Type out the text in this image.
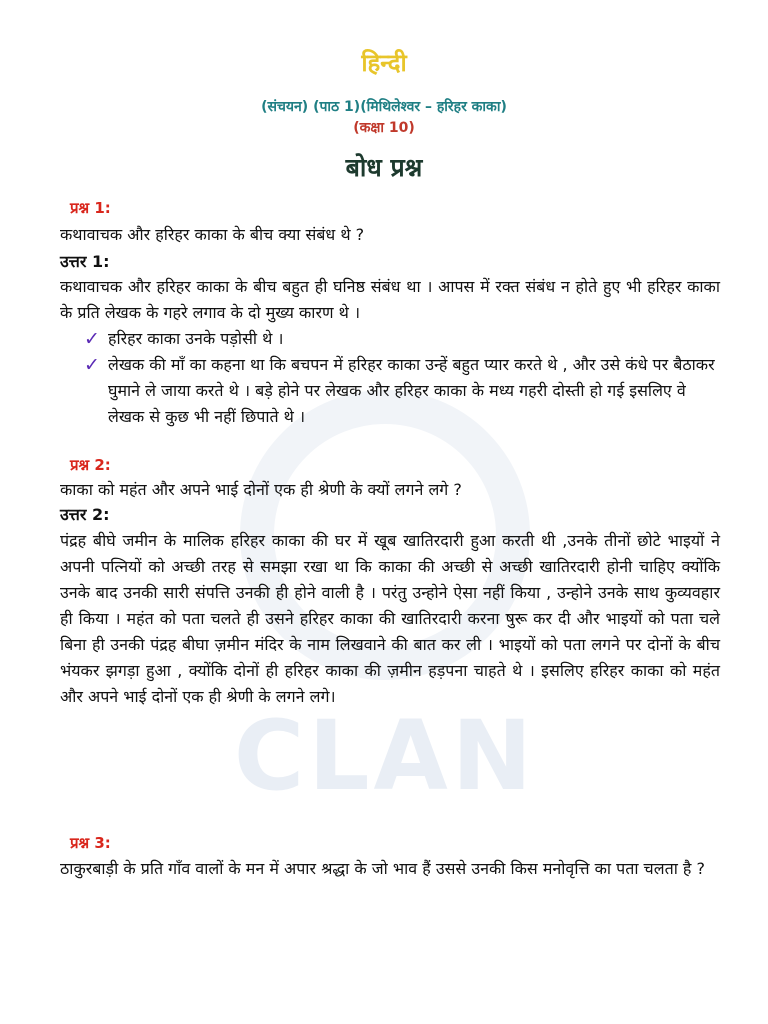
CLAN
हिन्दी
(संचयन) (पाठ 1)(मिथिलेश्वर – हरिहर काका)
(कक्षा 10)
बोध प्रश्न
प्रश्न 1:
कथावाचक और हरिहर काका के बीच क्या संबंध थे ?
उत्तर 1:
कथावाचक और हरिहर काका के बीच बहुत ही घनिष्ठ संबंध था । आपस में रक्त संबंध न होते हुए भी हरिहर काका के प्रति लेखक के गहरे लगाव के दो मुख्य कारण थे ।
✓ हरिहर काका उनके पड़ोसी थे ।
✓ लेखक की माँ का कहना था कि बचपन में हरिहर काका उन्हें बहुत प्यार करते थे , और उसे कंधे पर बैठाकर घुमाने ले जाया करते थे । बड़े होने पर लेखक और हरिहर काका के मध्य गहरी दोस्ती हो गई इसलिए वे लेखक से कुछ भी नहीं छिपाते थे ।
प्रश्न 2:
काका को महंत और अपने भाई दोनों एक ही श्रेणी के क्यों लगने लगे ?
उत्तर 2:
पंद्रह बीघे जमीन के मालिक हरिहर काका की घर में खूब खातिरदारी हुआ करती थी ,उनके तीनों छोटे भाइयों ने अपनी पत्नियों को अच्छी तरह से समझा रखा था कि काका की अच्छी से अच्छी खातिरदारी होनी चाहिए क्योंकि उनके बाद उनकी सारी संपत्ति उनकी ही होने वाली है । परंतु उन्होने ऐसा नहीं किया , उन्होने उनके साथ कुव्यवहार ही किया । महंत को पता चलते ही उसने हरिहर काका की खातिरदारी करना षुरू कर दी और भाइयों को पता चले बिना ही उनकी पंद्रह बीघा ज़मीन मंदिर के नाम लिखवाने की बात कर ली । भाइयों को पता लगने पर दोनों के बीच भंयकर झगड़ा हुआ , क्योंकि दोनों ही हरिहर काका की ज़मीन हड़पना चाहते थे । इसलिए हरिहर काका को महंत और अपने भाई दोनों एक ही श्रेणी के लगने लगे।
प्रश्न 3:
ठाकुरबाड़ी के प्रति गाँव वालों के मन में अपार श्रद्धा के जो भाव हैं उससे उनकी किस मनोवृत्ति का पता चलता है ?
